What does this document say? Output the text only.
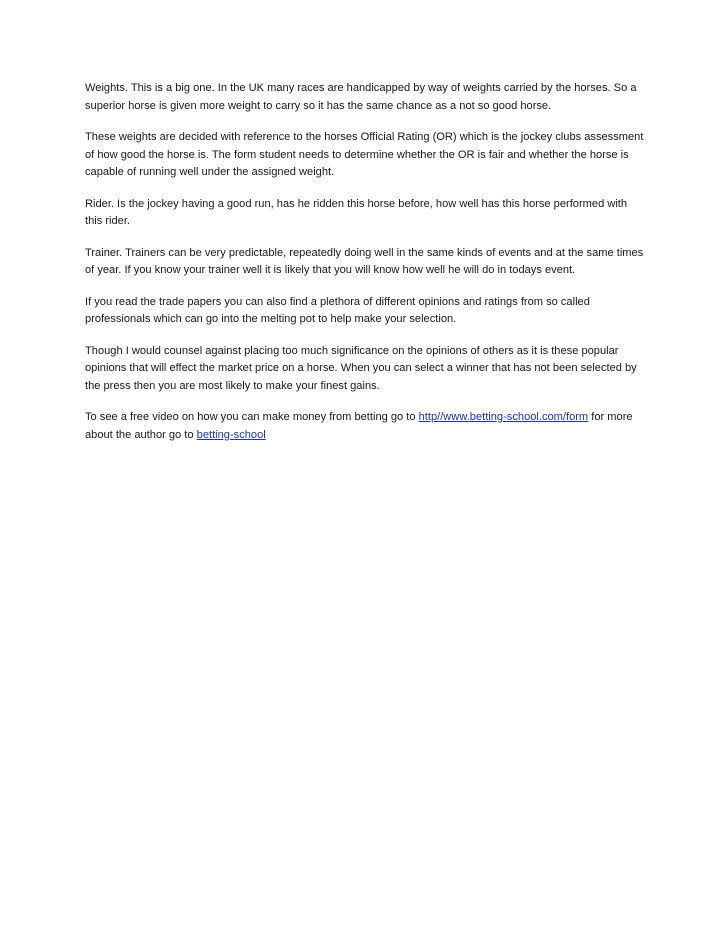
Weights. This is a big one. In the UK many races are handicapped by way of weights carried by the horses. So a superior horse is given more weight to carry so it has the same chance as a not so good horse.

These weights are decided with reference to the horses Official Rating (OR) which is the jockey clubs assessment of how good the horse is. The form student needs to determine whether the OR is fair and whether the horse is capable of running well under the assigned weight.

Rider. Is the jockey having a good run, has he ridden this horse before, how well has this horse performed with this rider.

Trainer. Trainers can be very predictable, repeatedly doing well in the same kinds of events and at the same times of year. If you know your trainer well it is likely that you will know how well he will do in todays event.

If you read the trade papers you can also find a plethora of different opinions and ratings from so called professionals which can go into the melting pot to help make your selection.

Though I would counsel against placing too much significance on the opinions of others as it is these popular opinions that will effect the market price on a horse. When you can select a winner that has not been selected by the press then you are most likely to make your finest gains.

To see a free video on how you can make money from betting go to http//www.betting-school.com/form for more about the author go to betting-school
